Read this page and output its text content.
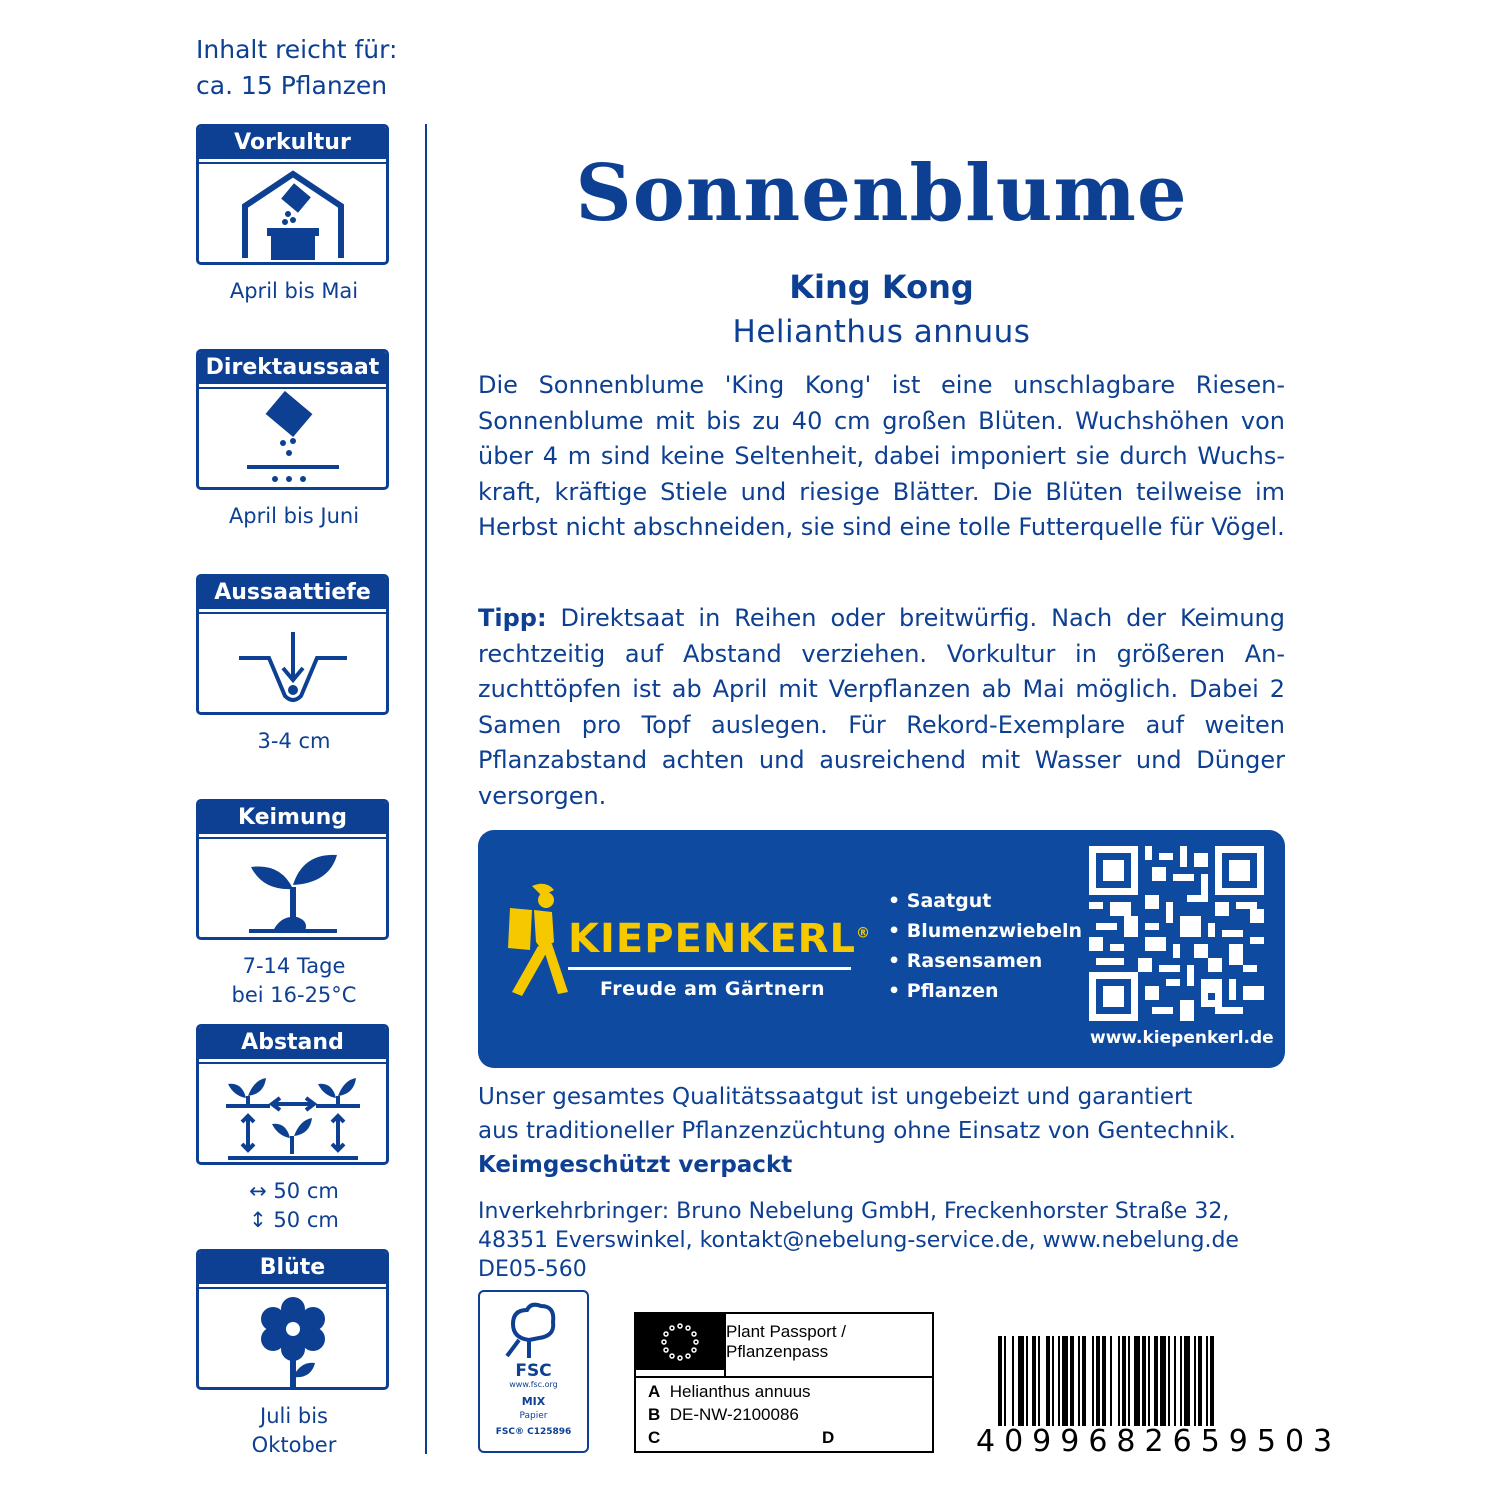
Inhalt reicht für:
ca. 15 Pflanzen
Vorkultur
April bis Mai
Direktaussaat
April bis Juni
Aussaattiefe
3-4 cm
Keimung
7-14 Tage
bei 16-25°C
Abstand
↔ 50 cm
↕ 50 cm
Blüte
Juli bis
Oktober
Sonnenblume
King Kong
Helianthus annuus
Die Sonnenblume 'King Kong' ist eine unschlagbare Riesen-Sonnenblume mit bis zu 40 cm großen Blüten. Wuchshöhen von über 4 m sind keine Seltenheit, dabei imponiert sie durch Wuchs-kraft, kräftige Stiele und riesige Blätter. Die Blüten teilweise im Herbst nicht abschneiden, sie sind eine tolle Futterquelle für Vögel.
Tipp: Direktsaat in Reihen oder breitwürfig. Nach der Keimung rechtzeitig auf Abstand verziehen. Vorkultur in größeren An-zuchttöpfen ist ab April mit Verpflanzen ab Mai möglich. Dabei 2 Samen pro Topf auslegen. Für Rekord-Exemplare auf weiten Pflanzabstand achten und ausreichend mit Wasser und Dünger versorgen.
KIEPENKERL®
Freude am Gärtnern
• Saatgut
• Blumenzwiebeln
• Rasensamen
• Pflanzen
www.kiepenkerl.de
Unser gesamtes Qualitätssaatgut ist ungebeizt und garantiert
aus traditioneller Pflanzenzüchtung ohne Einsatz von Gentechnik.
Keimgeschützt verpackt
Inverkehrbringer: Bruno Nebelung GmbH, Freckenhorster Straße 32,
48351 Everswinkel, kontakt@nebelung-service.de, www.nebelung.de
DE05-560
FSC
www.fsc.org
MIX
Papier
FSC® C125896
Plant Passport /
Pflanzenpass
A Helianthus annuus
B DE-NW-2100086
C	D	4099682659503
